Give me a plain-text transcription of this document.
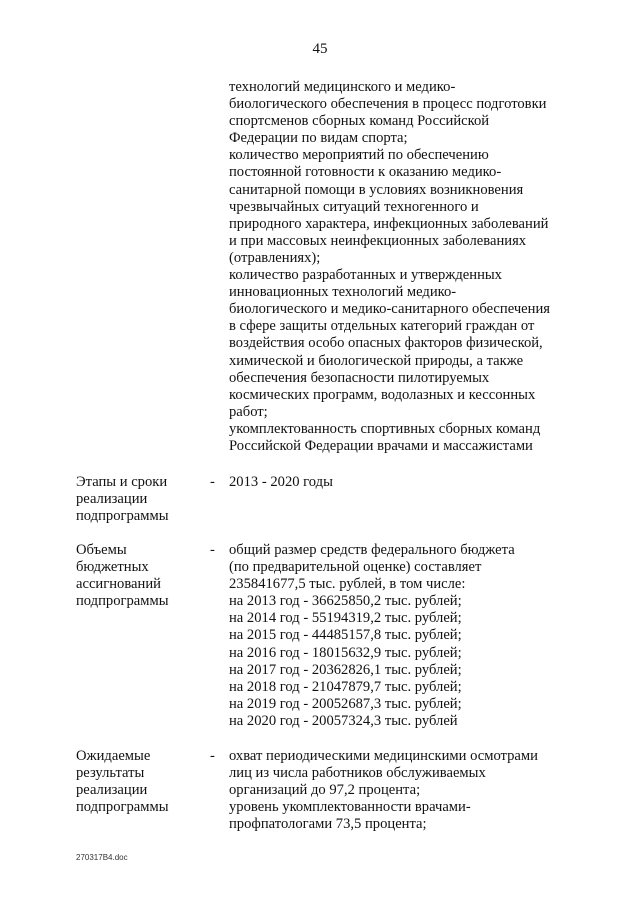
45

технологий медицинского и медико-

биологического обеспечения в процесс подготовки

спортсменов сборных команд Российской

Федерации по видам спорта;

количество мероприятий по обеспечению

постоянной готовности к оказанию медико-

санитарной помощи в условиях возникновения

чрезвычайных ситуаций техногенного и

природного характера, инфекционных заболеваний

и при массовых неинфекционных заболеваниях

(отравлениях);

количество разработанных и утвержденных

инновационных технологий медико-

биологического и медико-санитарного обеспечения

в сфере защиты отдельных категорий граждан от

воздействия особо опасных факторов физической,

химической и биологической природы, а также

обеспечения безопасности пилотируемых

космических программ, водолазных и кессонных

работ;

укомплектованность спортивных сборных команд

Российской Федерации врачами и массажистами

Этапы и сроки
реализации
подпрограммы
- 2013 - 2020 годы

Объемы
бюджетных
ассигнований
подпрограммы
- общий размер средств федерального бюджета

(по предварительной оценке) составляет

235841677,5 тыс. рублей, в том числе:

на 2013 год - 36625850,2 тыс. рублей;

на 2014 год - 55194319,2 тыс. рублей;

на 2015 год - 44485157,8 тыс. рублей;

на 2016 год - 18015632,9 тыс. рублей;

на 2017 год - 20362826,1 тыс. рублей;

на 2018 год - 21047879,7 тыс. рублей;

на 2019 год - 20052687,3 тыс. рублей;

на 2020 год - 20057324,3 тыс. рублей

Ожидаемые
результаты
реализации
подпрограммы
- охват периодическими медицинскими осмотрами

лиц из числа работников обслуживаемых

организаций до 97,2 процента;

уровень укомплектованности врачами-

профпатологами 73,5 процента;

270317В4.doc
